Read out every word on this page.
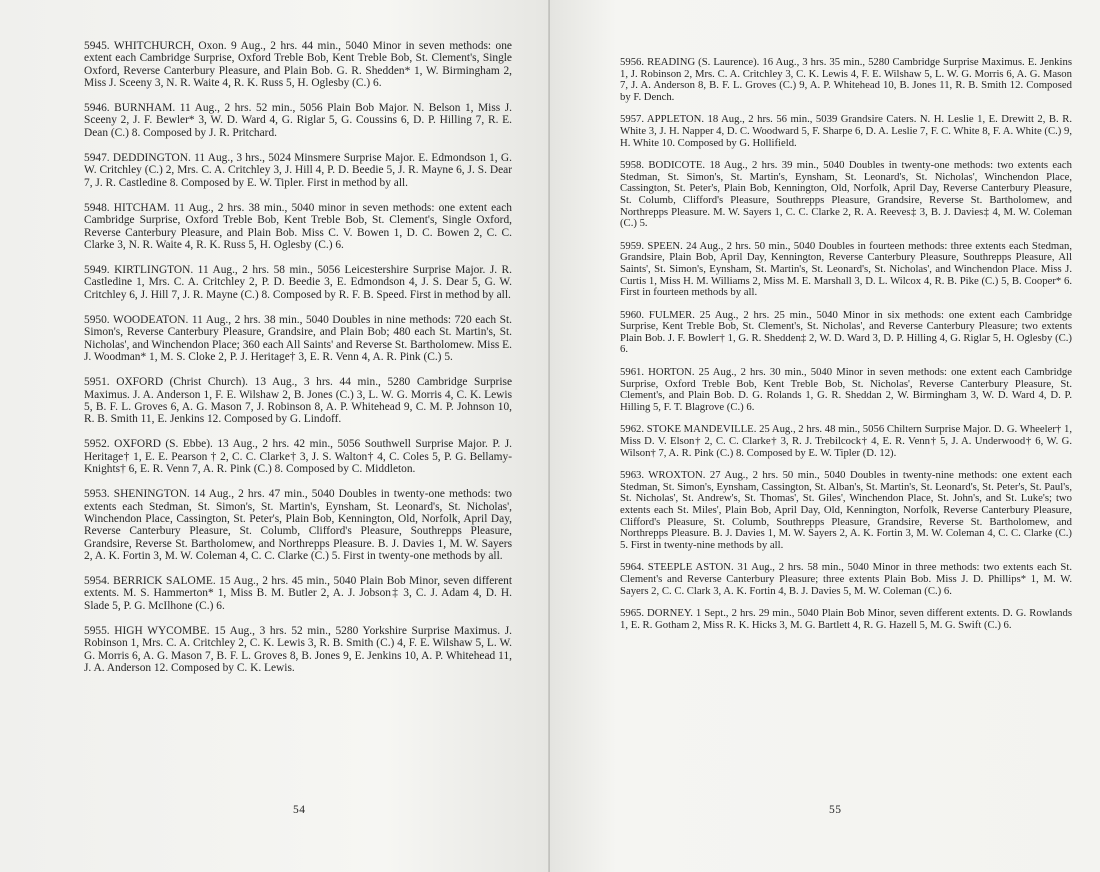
5945. WHITCHURCH, Oxon. 9 Aug., 2 hrs. 44 min., 5040 Minor in seven methods: one extent each Cambridge Surprise, Oxford Treble Bob, Kent Treble Bob, St. Clement's, Single Oxford, Reverse Canterbury Pleasure, and Plain Bob. G. R. Shedden* 1, W. Birmingham 2, Miss J. Sceeny 3, N. R. Waite 4, R. K. Russ 5, H. Oglesby (C.) 6.

5946. BURNHAM. 11 Aug., 2 hrs. 52 min., 5056 Plain Bob Major. N. Belson 1, Miss J. Sceeny 2, J. F. Bewler* 3, W. D. Ward 4, G. Riglar 5, G. Coussins 6, D. P. Hilling 7, R. E. Dean (C.) 8. Composed by J. R. Pritchard.

5947. DEDDINGTON. 11 Aug., 3 hrs., 5024 Minsmere Surprise Major. E. Edmondson 1, G. W. Critchley (C.) 2, Mrs. C. A. Critchley 3, J. Hill 4, P. D. Beedie 5, J. R. Mayne 6, J. S. Dear 7, J. R. Castledine 8. Composed by E. W. Tipler. First in method by all.

5948. HITCHAM. 11 Aug., 2 hrs. 38 min., 5040 minor in seven methods: one extent each Cambridge Surprise, Oxford Treble Bob, Kent Treble Bob, St. Clement's, Single Oxford, Reverse Canterbury Pleasure, and Plain Bob. Miss C. V. Bowen 1, D. C. Bowen 2, C. C. Clarke 3, N. R. Waite 4, R. K. Russ 5, H. Oglesby (C.) 6.

5949. KIRTLINGTON. 11 Aug., 2 hrs. 58 min., 5056 Leicestershire Surprise Major. J. R. Castledine 1, Mrs. C. A. Critchley 2, P. D. Beedie 3, E. Edmondson 4, J. S. Dear 5, G. W. Critchley 6, J. Hill 7, J. R. Mayne (C.) 8. Composed by R. F. B. Speed. First in method by all.

5950. WOODEATON. 11 Aug., 2 hrs. 38 min., 5040 Doubles in nine methods: 720 each St. Simon's, Reverse Canterbury Pleasure, Grandsire, and Plain Bob; 480 each St. Martin's, St. Nicholas', and Winchendon Place; 360 each All Saints' and Reverse St. Bartholomew. Miss E. J. Woodman* 1, M. S. Cloke 2, P. J. Heritage† 3, E. R. Venn 4, A. R. Pink (C.) 5.

5951. OXFORD (Christ Church). 13 Aug., 3 hrs. 44 min., 5280 Cambridge Surprise Maximus. J. A. Anderson 1, F. E. Wilshaw 2, B. Jones (C.) 3, L. W. G. Morris 4, C. K. Lewis 5, B. F. L. Groves 6, A. G. Mason 7, J. Robinson 8, A. P. Whitehead 9, C. M. P. Johnson 10, R. B. Smith 11, E. Jenkins 12. Composed by G. Lindoff.

5952. OXFORD (S. Ebbe). 13 Aug., 2 hrs. 42 min., 5056 Southwell Surprise Major. P. J. Heritage† 1, E. E. Pearson † 2, C. C. Clarke† 3, J. S. Walton† 4, C. Coles 5, P. G. Bellamy-Knights† 6, E. R. Venn 7, A. R. Pink (C.) 8. Composed by C. Middleton.

5953. SHENINGTON. 14 Aug., 2 hrs. 47 min., 5040 Doubles in twenty-one methods: two extents each Stedman, St. Simon's, St. Martin's, Eynsham, St. Leonard's, St. Nicholas', Winchendon Place, Cassington, St. Peter's, Plain Bob, Kennington, Old, Norfolk, April Day, Reverse Canterbury Pleasure, St. Columb, Clifford's Pleasure, Southrepps Pleasure, Grandsire, Reverse St. Bartholomew, and Northrepps Pleasure. B. J. Davies 1, M. W. Sayers 2, A. K. Fortin 3, M. W. Coleman 4, C. C. Clarke (C.) 5. First in twenty-one methods by all.

5954. BERRICK SALOME. 15 Aug., 2 hrs. 45 min., 5040 Plain Bob Minor, seven different extents. M. S. Hammerton* 1, Miss B. M. Butler 2, A. J. Jobson‡ 3, C. J. Adam 4, D. H. Slade 5, P. G. McIlhone (C.) 6.

5955. HIGH WYCOMBE. 15 Aug., 3 hrs. 52 min., 5280 Yorkshire Surprise Maximus. J. Robinson 1, Mrs. C. A. Critchley 2, C. K. Lewis 3, R. B. Smith (C.) 4, F. E. Wilshaw 5, L. W. G. Morris 6, A. G. Mason 7, B. F. L. Groves 8, B. Jones 9, E. Jenkins 10, A. P. Whitehead 11, J. A. Anderson 12. Composed by C. K. Lewis.

54

5956. READING (S. Laurence). 16 Aug., 3 hrs. 35 min., 5280 Cambridge Surprise Maximus. E. Jenkins 1, J. Robinson 2, Mrs. C. A. Critchley 3, C. K. Lewis 4, F. E. Wilshaw 5, L. W. G. Morris 6, A. G. Mason 7, J. A. Anderson 8, B. F. L. Groves (C.) 9, A. P. Whitehead 10, B. Jones 11, R. B. Smith 12. Composed by F. Dench.

5957. APPLETON. 18 Aug., 2 hrs. 56 min., 5039 Grandsire Caters. N. H. Leslie 1, E. Drewitt 2, B. R. White 3, J. H. Napper 4, D. C. Woodward 5, F. Sharpe 6, D. A. Leslie 7, F. C. White 8, F. A. White (C.) 9, H. White 10. Composed by G. Hollifield.

5958. BODICOTE. 18 Aug., 2 hrs. 39 min., 5040 Doubles in twenty-one methods: two extents each Stedman, St. Simon's, St. Martin's, Eynsham, St. Leonard's, St. Nicholas', Winchendon Place, Cassington, St. Peter's, Plain Bob, Kennington, Old, Norfolk, April Day, Reverse Canterbury Pleasure, St. Columb, Clifford's Pleasure, Southrepps Pleasure, Grandsire, Reverse St. Bartholomew, and Northrepps Pleasure. M. W. Sayers 1, C. C. Clarke 2, R. A. Reeves‡ 3, B. J. Davies‡ 4, M. W. Coleman (C.) 5.

5959. SPEEN. 24 Aug., 2 hrs. 50 min., 5040 Doubles in fourteen methods: three extents each Stedman, Grandsire, Plain Bob, April Day, Kennington, Reverse Canterbury Pleasure, Southrepps Pleasure, All Saints', St. Simon's, Eynsham, St. Martin's, St. Leonard's, St. Nicholas', and Winchendon Place. Miss J. Curtis 1, Miss H. M. Williams 2, Miss M. E. Marshall 3, D. L. Wilcox 4, R. B. Pike (C.) 5, B. Cooper* 6. First in fourteen methods by all.

5960. FULMER. 25 Aug., 2 hrs. 25 min., 5040 Minor in six methods: one extent each Cambridge Surprise, Kent Treble Bob, St. Clement's, St. Nicholas', and Reverse Canterbury Pleasure; two extents Plain Bob. J. F. Bowler† 1, G. R. Shedden‡ 2, W. D. Ward 3, D. P. Hilling 4, G. Riglar 5, H. Oglesby (C.) 6.

5961. HORTON. 25 Aug., 2 hrs. 30 min., 5040 Minor in seven methods: one extent each Cambridge Surprise, Oxford Treble Bob, Kent Treble Bob, St. Nicholas', Reverse Canterbury Pleasure, St. Clement's, and Plain Bob. D. G. Rolands 1, G. R. Sheddan 2, W. Birmingham 3, W. D. Ward 4, D. P. Hilling 5, F. T. Blagrove (C.) 6.

5962. STOKE MANDEVILLE. 25 Aug., 2 hrs. 48 min., 5056 Chiltern Surprise Major. D. G. Wheeler† 1, Miss D. V. Elson† 2, C. C. Clarke† 3, R. J. Trebilcock† 4, E. R. Venn† 5, J. A. Underwood† 6, W. G. Wilson† 7, A. R. Pink (C.) 8. Composed by E. W. Tipler (D. 12).

5963. WROXTON. 27 Aug., 2 hrs. 50 min., 5040 Doubles in twenty-nine methods: one extent each Stedman, St. Simon's, Eynsham, Cassington, St. Alban's, St. Martin's, St. Leonard's, St. Peter's, St. Paul's, St. Nicholas', St. Andrew's, St. Thomas', St. Giles', Winchendon Place, St. John's, and St. Luke's; two extents each St. Miles', Plain Bob, April Day, Old, Kennington, Norfolk, Reverse Canterbury Pleasure, Clifford's Pleasure, St. Columb, Southrepps Pleasure, Grandsire, Reverse St. Bartholomew, and Northrepps Pleasure. B. J. Davies 1, M. W. Sayers 2, A. K. Fortin 3, M. W. Coleman 4, C. C. Clarke (C.) 5. First in twenty-nine methods by all.

5964. STEEPLE ASTON. 31 Aug., 2 hrs. 58 min., 5040 Minor in three methods: two extents each St. Clement's and Reverse Canterbury Pleasure; three extents Plain Bob. Miss J. D. Phillips* 1, M. W. Sayers 2, C. C. Clark 3, A. K. Fortin 4, B. J. Davies 5, M. W. Coleman (C.) 6.

5965. DORNEY. 1 Sept., 2 hrs. 29 min., 5040 Plain Bob Minor, seven different extents. D. G. Rowlands 1, E. R. Gotham 2, Miss R. K. Hicks 3, M. G. Bartlett 4, R. G. Hazell 5, M. G. Swift (C.) 6.

55
